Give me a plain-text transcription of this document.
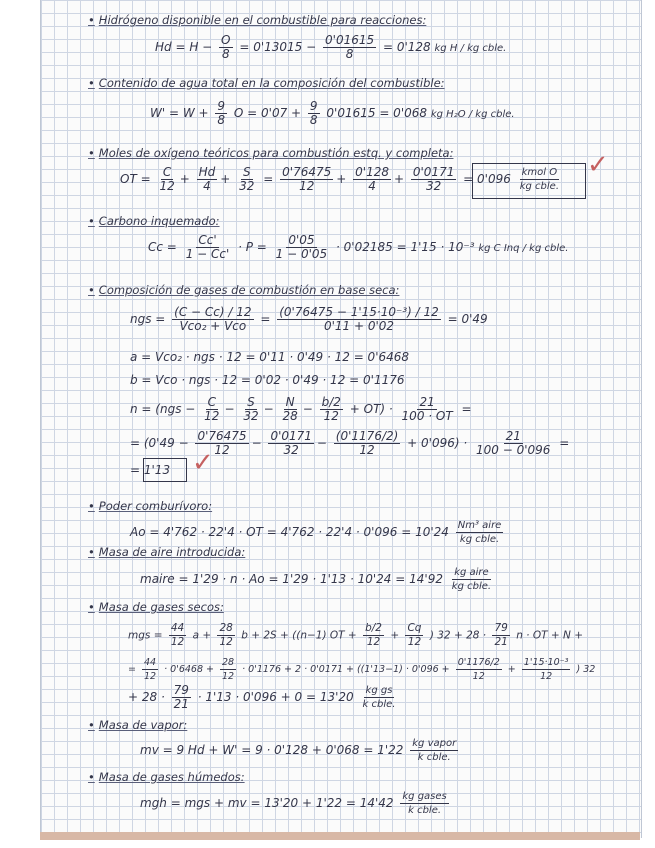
• Hidrógeno disponible en el combustible para reacciones:
$Hd = H - \frac{O}{8} = 0'13015 - \frac{0'01615}{8} = 0'128$ kg H / kg cble.
• Contenido de agua total en la composición del combustible:
$W' = W + \frac{9}{8}$ $O = 0'07 + \frac{9}{8} 0'01615 = 0'068$ kg H₂O / kg cble.
• Moles de oxígeno teóricos para combustión estq. y completa:
OT = $\frac{C}{12} + \frac{Hd}{4} + \frac{S}{32} = \frac{0'76475}{12} + \frac{0'128}{4} + \frac{0'0171}{32} = 0'096 \frac{\text{kmol O}}{\text{kg cble.}}$ ✓
• Carbono inquemado:
$Cc = \frac{Cc'}{1 - Cc'} \cdot P = \frac{0'05}{1 - 0'05} \cdot 0'02185 = 1'15 \cdot 10^{-3}$ kg C Inq / kg cble.
• Composición de gases de combustión en base seca:
ngs = $\frac{(C - Cc) / 12}{\text{Vco₂ + Vco}} = \frac{\text{(0'76475 − 1'15·10⁻³) / 12}}{0'11 + 0'02} = 0'49$
a = Vco₂ · ngs · 12 = 0'11 · 0'49 · 12 = 0'6468
b = Vco · ngs · 12 = 0'02 · 0'49 · 12 = 0'1176
$n = (ngs - \frac{C}{12} - \frac{S}{32} - \frac{N}{28} - \frac{b/2}{12} + OT) \cdot \frac{21}{100 \cdot OT}$ =
= $(0'49 - \frac{0'76475}{12} - \frac{0'0171}{32} - \frac{(0'1176/2)}{12} + 0'096) \cdot \frac{21}{100 - 0'096}$ =
= 1'13 ✓
• Poder comburívoro:
Ao = 4'762 · 22'4 · OT = $4'762 \cdot 22'4 \cdot 0'096 = 10'24 \frac{\text{Nm³ aire}}{\text{kg cble.}}$
• Masa de aire introducida:
maire = $1'29 \cdot n \cdot Ao = 1'29 \cdot 1'13 \cdot 10'24 = 14'92 \frac{\text{kg aire}}{\text{kg cble.}}$
• Masa de gases secos:
mgs = $\frac{44}{12}$ $a + \frac{28}{12}$ b + 2S + ((n−1) OT + $\frac{b/2}{12} + \frac{Cq}{12}$ ) $32 + 28 \cdot \frac{79}{21}$ n · OT + N +
= $\frac{44}{12} \cdot 0'6468 + \frac{28}{12} \cdot 0'1176 + 2 \cdot 0'0171 + ((1'13-1) \cdot 0'096 + \frac{0'1176/2}{12} + \frac{\text{1'15·10⁻³}}{12}$ ) 32
+ $28 \cdot \frac{79}{21} \cdot 1'13 \cdot 0'096 + 0 = 13'20 \frac{\text{kg gs}}{\text{k cble.}}$
• Masa de vapor:
mv = 9 $Hd + W' = 9 \cdot 0'128 + 0'068 = 1'22 \frac{\text{kg vapor}}{\text{k cble.}}$
• Masa de gases húmedos:
mgh = mgs + mv = $13'20 + 1'22 = 14'42 \frac{\text{kg gases}}{\text{k cble.}}$
